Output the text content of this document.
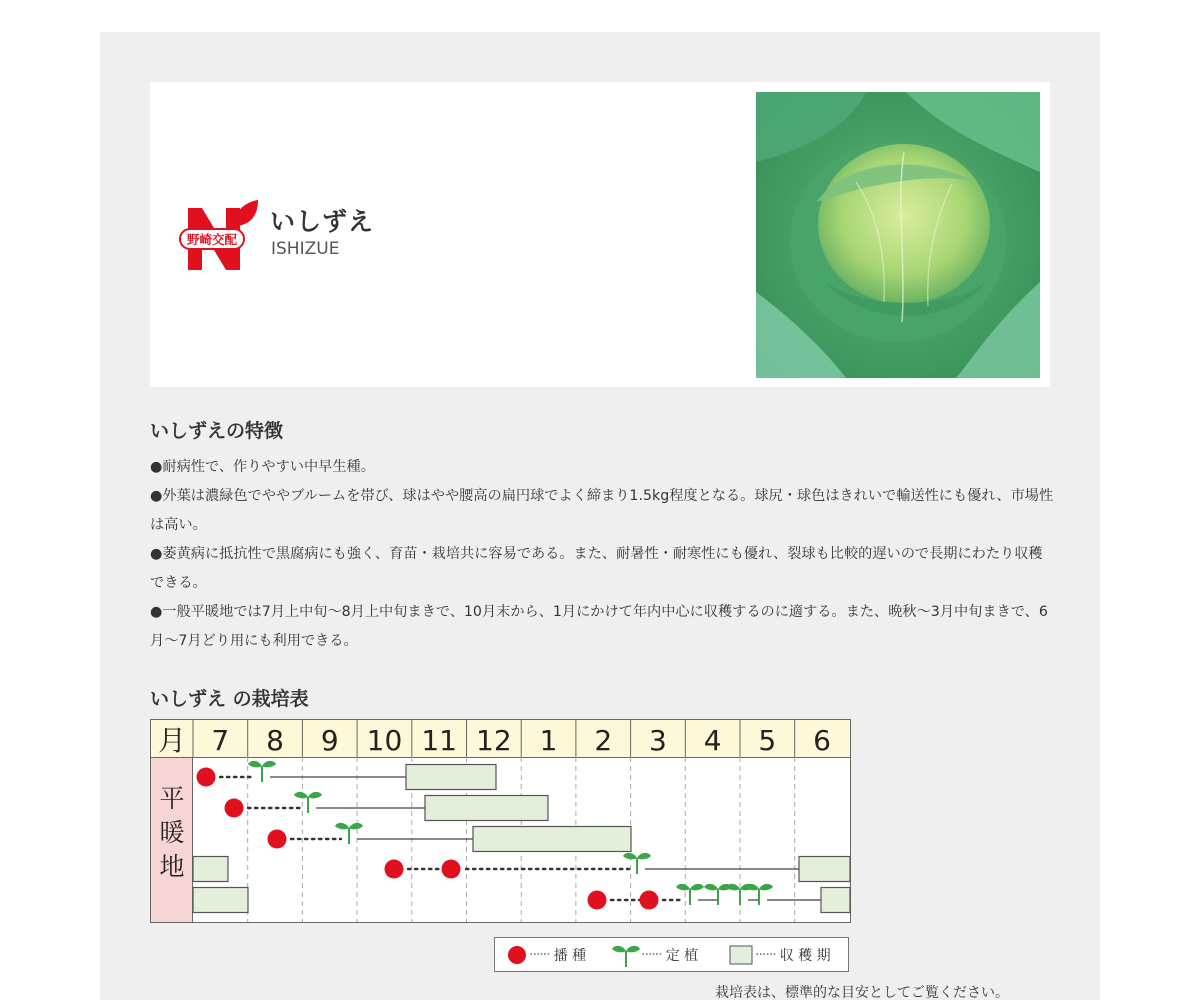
野崎交配
いしずえ
ISHIZUE
いしずえの特徴
●耐病性で、作りやすい中早生種。
●外葉は濃緑色でややブルームを帯び、球はやや腰高の扁円球でよく締まり1.5kg程度となる。球尻・球色はきれいで輸送性にも優れ、市場性は高い。
●萎黄病に抵抗性で黒腐病にも強く、育苗・栽培共に容易である。また、耐暑性・耐寒性にも優れ、裂球も比較的遅いので長期にわたり収穫できる。
●一般平暖地では7月上中旬〜8月上中旬まきで、10月末から、1月にかけて年内中心に収穫するのに適する。また、晩秋〜3月中旬まきで、6月〜7月どり用にも利用できる。
いしずえ の栽培表
月 7 8 9 10 11 12 1 2 3 4 5 6
平
暖
地
······ 播 種	······ 定 植	······ 収 穫 期
栽培表は、標準的な目安としてご覧ください。
